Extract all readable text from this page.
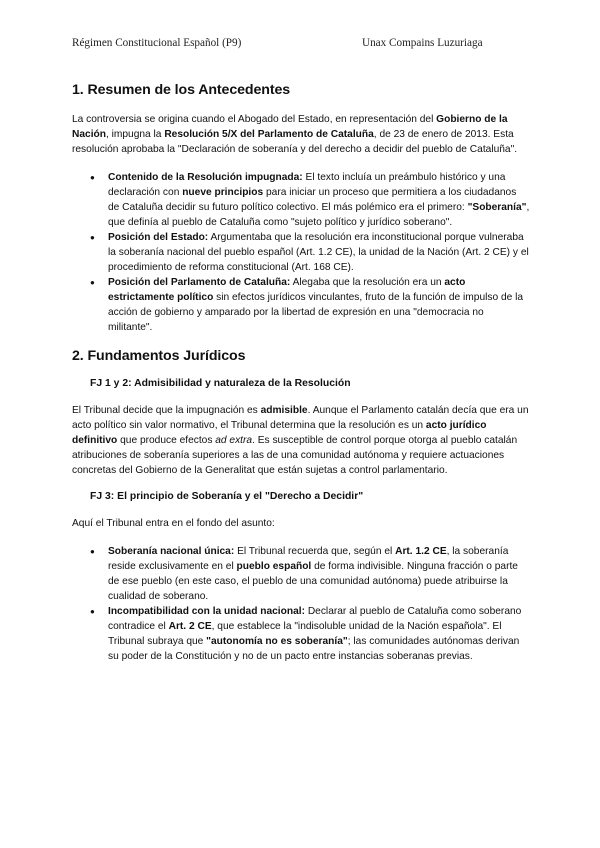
Régimen Constitucional Español (P9)	Unax Compains Luzuriaga
1. Resumen de los Antecedentes

La controversia se origina cuando el Abogado del Estado, en representación del Gobierno de la Nación, impugna la Resolución 5/X del Parlamento de Cataluña, de 23 de enero de 2013. Esta resolución aprobaba la "Declaración de soberanía y del derecho a decidir del pueblo de Cataluña".

● Contenido de la Resolución impugnada: El texto incluía un preámbulo histórico y una declaración con nueve principios para iniciar un proceso que permitiera a los ciudadanos de Cataluña decidir su futuro político colectivo. El más polémico era el primero: "Soberanía", que definía al pueblo de Cataluña como "sujeto político y jurídico soberano".
● Posición del Estado: Argumentaba que la resolución era inconstitucional porque vulneraba la soberanía nacional del pueblo español (Art. 1.2 CE), la unidad de la Nación (Art. 2 CE) y el procedimiento de reforma constitucional (Art. 168 CE).
● Posición del Parlamento de Cataluña: Alegaba que la resolución era un acto estrictamente político sin efectos jurídicos vinculantes, fruto de la función de impulso de la acción de gobierno y amparado por la libertad de expresión en una "democracia no militante".
2. Fundamentos Jurídicos
FJ 1 y 2: Admisibilidad y naturaleza de la Resolución

El Tribunal decide que la impugnación es admisible. Aunque el Parlamento catalán decía que era un acto político sin valor normativo, el Tribunal determina que la resolución es un acto jurídico definitivo que produce efectos ad extra. Es susceptible de control porque otorga al pueblo catalán atribuciones de soberanía superiores a las de una comunidad autónoma y requiere actuaciones concretas del Gobierno de la Generalitat que están sujetas a control parlamentario.

FJ 3: El principio de Soberanía y el "Derecho a Decidir"

Aquí el Tribunal entra en el fondo del asunto:

● Soberanía nacional única: El Tribunal recuerda que, según el Art. 1.2 CE, la soberanía reside exclusivamente en el pueblo español de forma indivisible. Ninguna fracción o parte de ese pueblo (en este caso, el pueblo de una comunidad autónoma) puede atribuirse la cualidad de soberano.
● Incompatibilidad con la unidad nacional: Declarar al pueblo de Cataluña como soberano contradice el Art. 2 CE, que establece la "indisoluble unidad de la Nación española". El Tribunal subraya que "autonomía no es soberanía"; las comunidades autónomas derivan su poder de la Constitución y no de un pacto entre instancias soberanas previas.
